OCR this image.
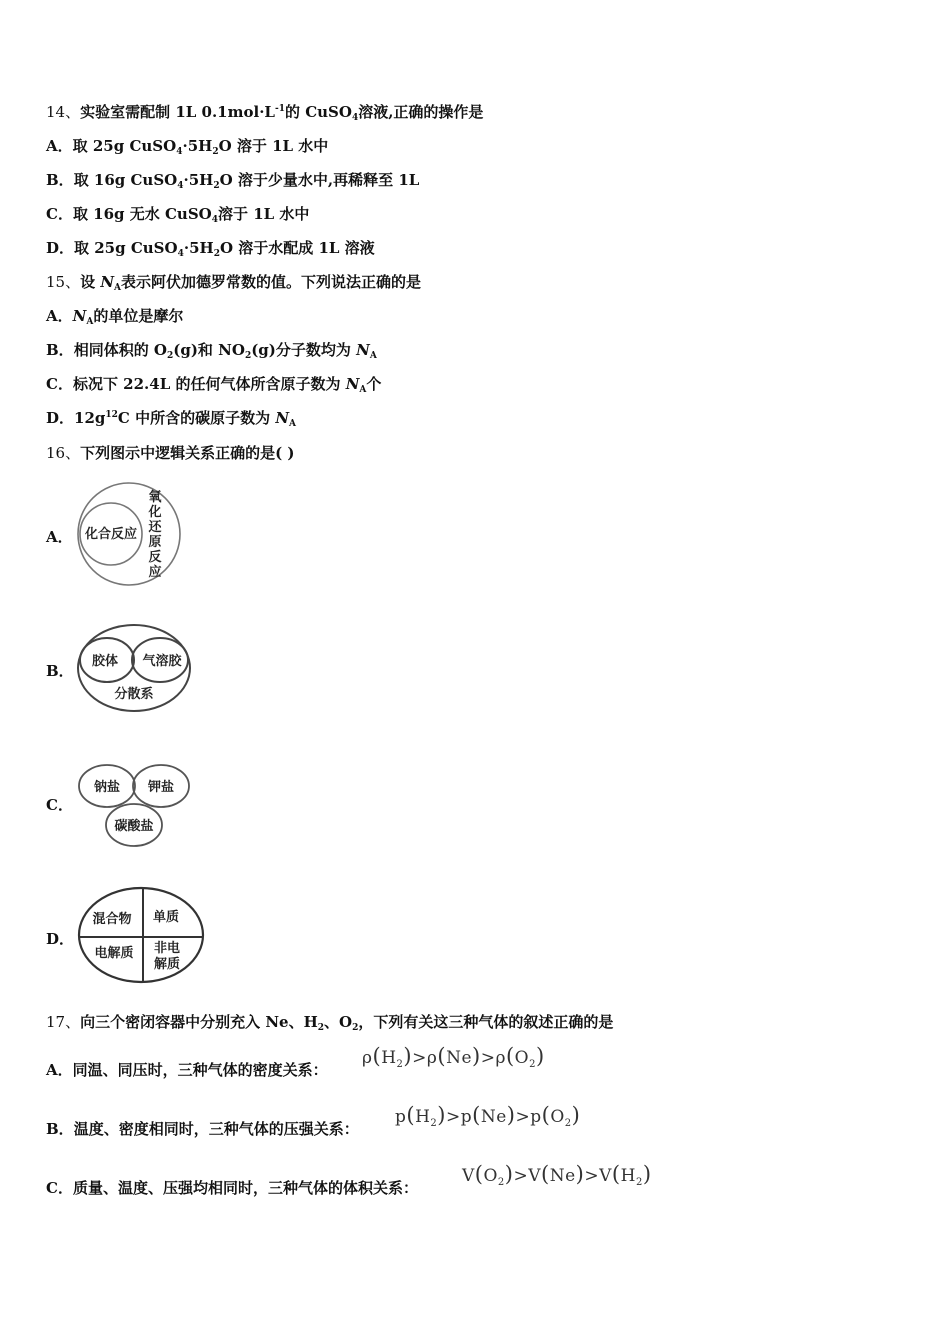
14、实验室需配制 1L $0.1mol\cdot L^{-1}$的 CuSO$_4$溶液,正确的操作是
A．取 25g $CuSO_4\cdot 5H_2O$ 溶于 1L 水中
B．取 16g $CuSO_4\cdot 5H_2O$ 溶于少量水中,再稀释至 1L
C．取 16g 无水 CuSO$_4$溶于 1L 水中
D．取 25g $CuSO_4\cdot 5H_2O$ 溶于水配成 1L 溶液
15、设 $N_A$表示阿伏加德罗常数的值。下列说法正确的是
A．$N_A$的单位是摩尔
B．相同体积的 $O_2(g)$和 $NO_2(g)$分子数均为 $N_A$
C．标况下 22.4L 的任何气体所含原子数为 $N_A$个
D．$12g^{12}C$ 中所含的碳原子数为 $N_A$
16、下列图示中逻辑关系正确的是( )
A． 化合反应
氧
化
还
原
反
应
B．
胶体 气溶胶
分散系
C．
钠盐 钾盐
碳酸盐
D．
混合物 单质
电解质 非电
解质
17、向三个密闭容器中分别充入 Ne、$H_2$、$O_2$，下列有关这三种气体的叙述正确的是
A．同温、同压时，三种气体的密度关系：
$\rho(H_2)>\rho(Ne)>\rho(O_2)$
B．温度、密度相同时，三种气体的压强关系：
$p(H_2)>p(Ne)>p(O_2)$
C．质量、温度、压强均相同时，三种气体的体积关系：
$V(O_2)>V(Ne)>V(H_2)$
